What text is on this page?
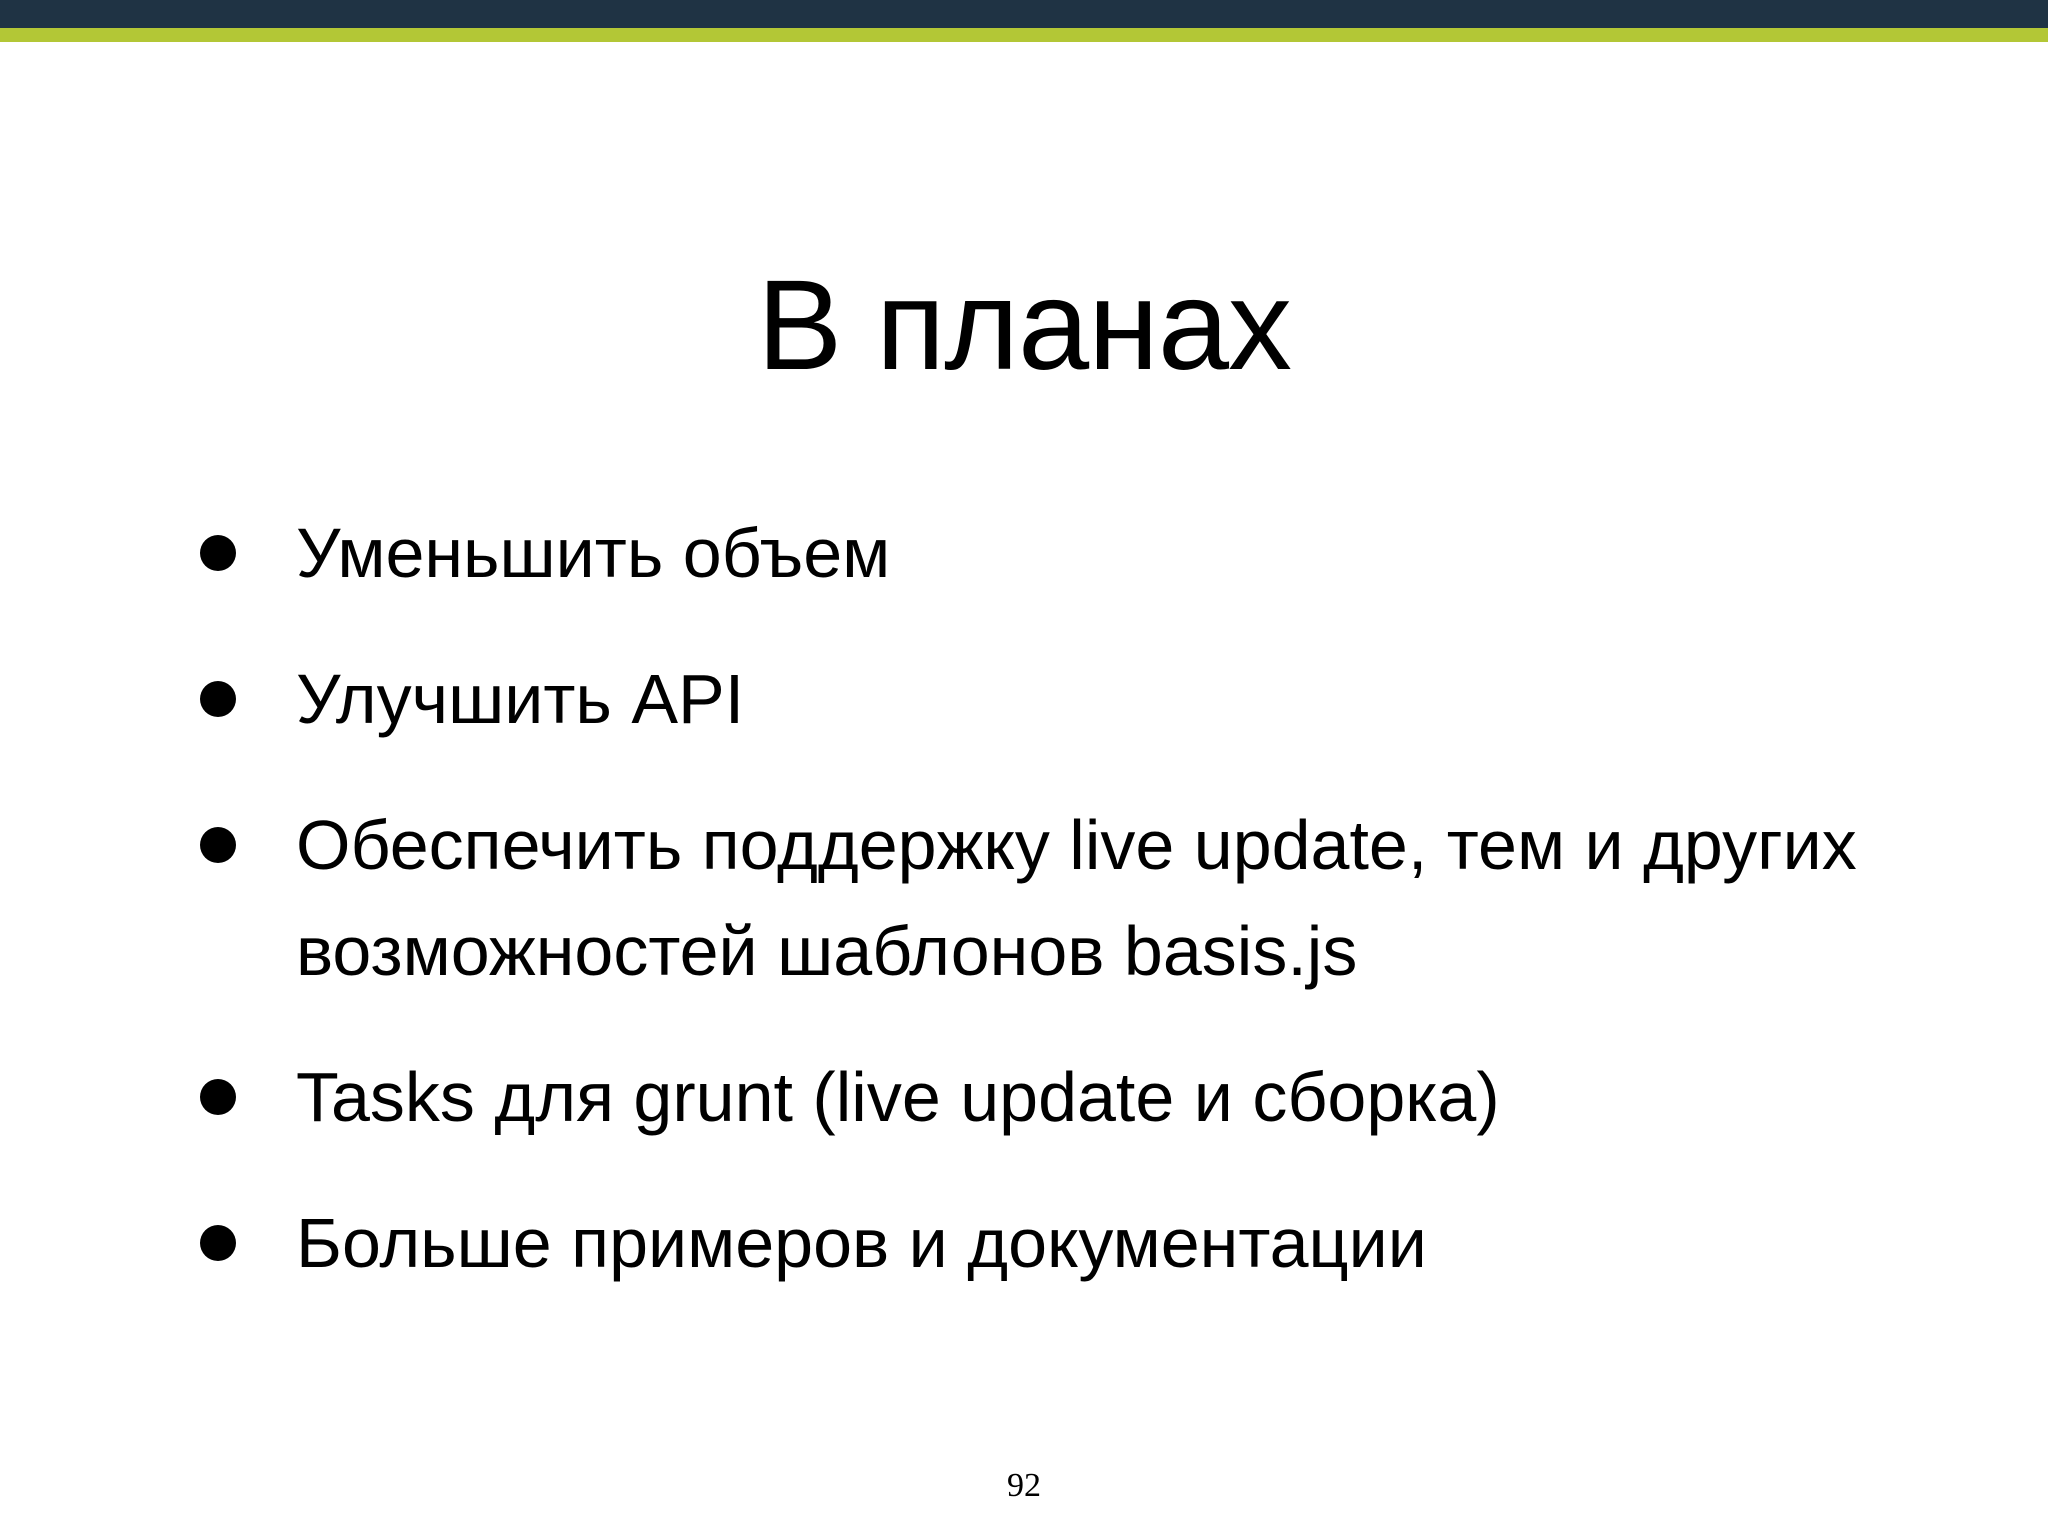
В планах
Уменьшить объем
Улучшить API
Обеспечить поддержку live update, тем и другиx возможностей шаблонов basis.js
Tasks для grunt (live update и сборка)
Больше примеров и документации
92
